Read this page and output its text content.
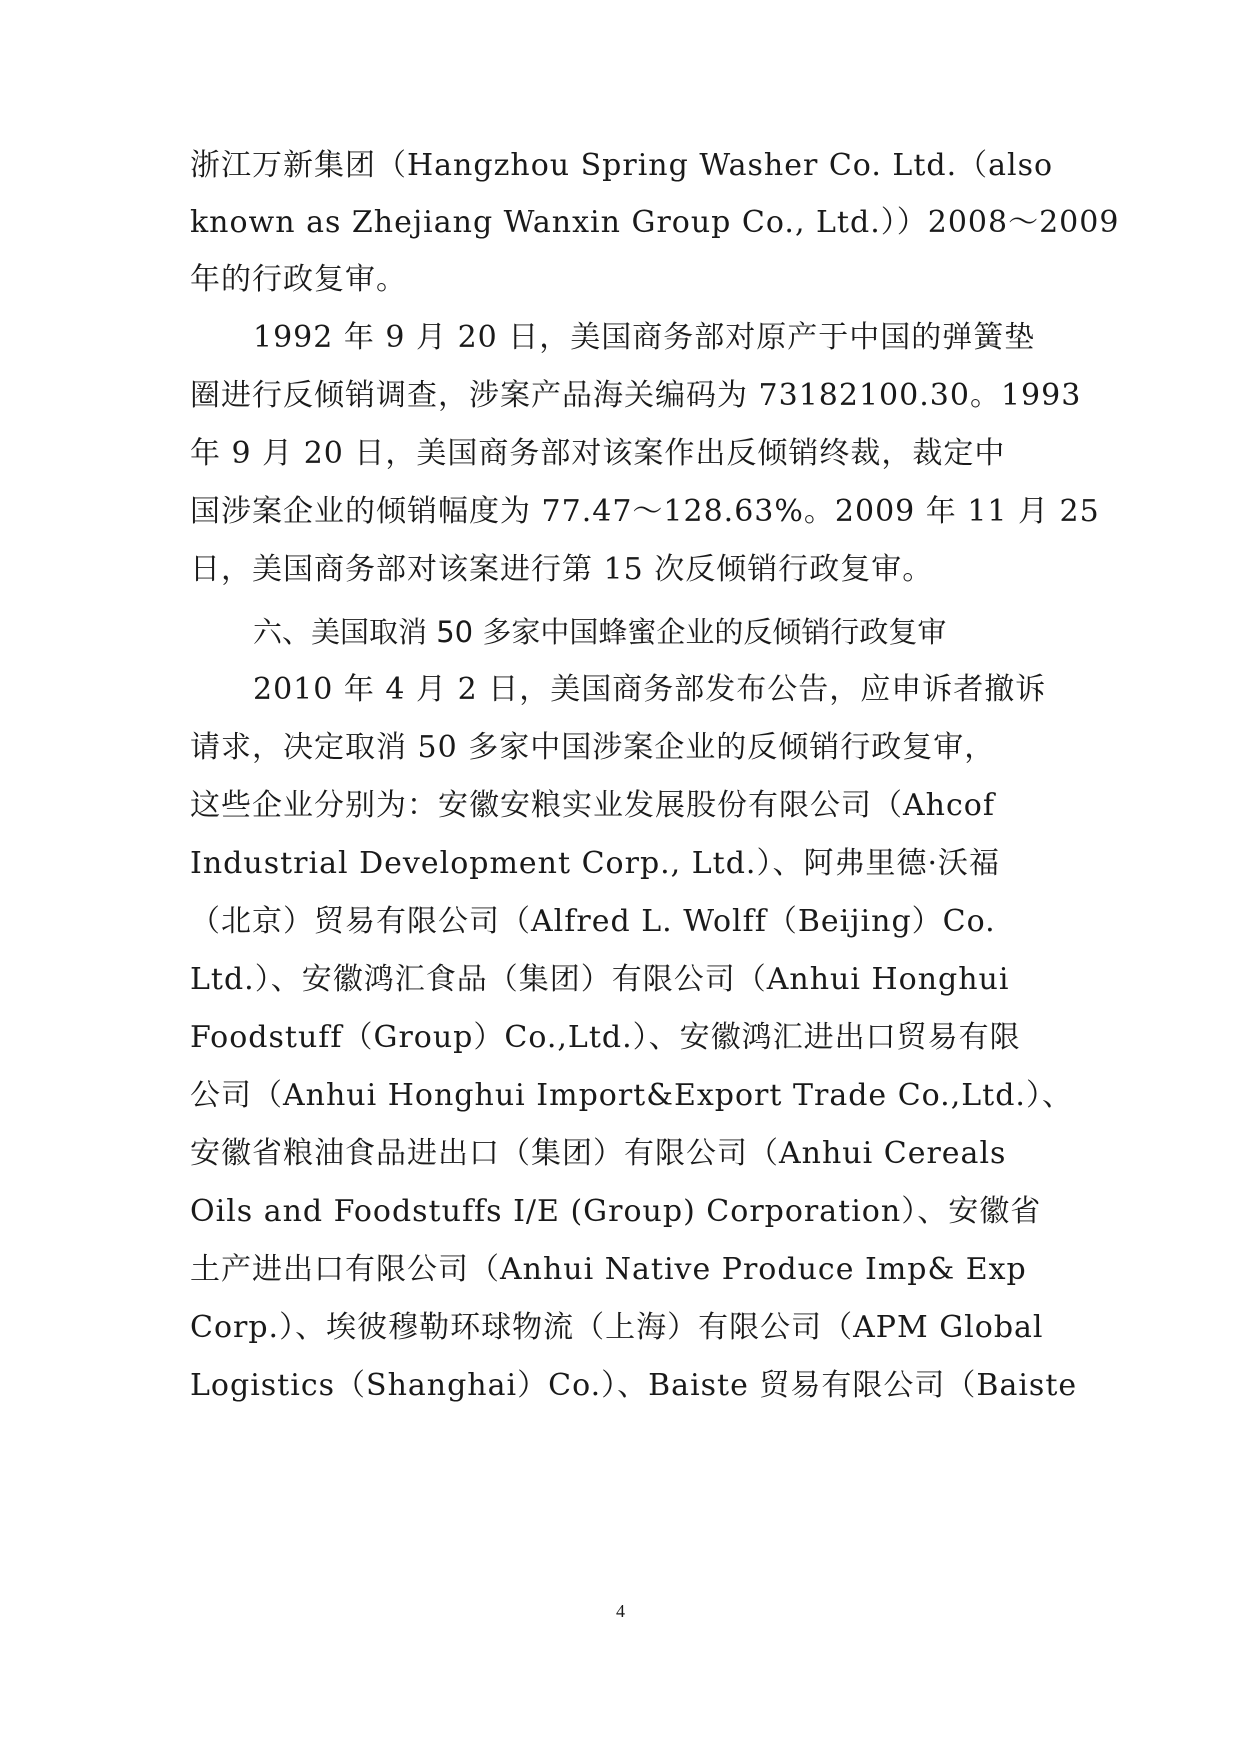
浙江万新集团（Hangzhou Spring Washer Co. Ltd.（also
known as Zhejiang Wanxin Group Co., Ltd.））2008～2009
年的行政复审。
1992 年 9 月 20 日，美国商务部对原产于中国的弹簧垫
圈进行反倾销调查，涉案产品海关编码为 73182100.30。1993
年 9 月 20 日，美国商务部对该案作出反倾销终裁，裁定中
国涉案企业的倾销幅度为 77.47～128.63%。2009 年 11 月 25
日，美国商务部对该案进行第 15 次反倾销行政复审。
六、美国取消 50 多家中国蜂蜜企业的反倾销行政复审
2010 年 4 月 2 日，美国商务部发布公告，应申诉者撤诉
请求，决定取消 50 多家中国涉案企业的反倾销行政复审，
这些企业分别为：安徽安粮实业发展股份有限公司（Ahcof
Industrial Development Corp., Ltd.）、阿弗里德·沃福
（北京）贸易有限公司（Alfred L. Wolff（Beijing）Co.
Ltd.）、安徽鸿汇食品（集团）有限公司（Anhui Honghui
Foodstuff（Group）Co.,Ltd.）、安徽鸿汇进出口贸易有限
公司（Anhui Honghui Import&Export Trade Co.,Ltd.）、
安徽省粮油食品进出口（集团）有限公司（Anhui Cereals
Oils and Foodstuffs I/E (Group) Corporation）、安徽省
土产进出口有限公司（Anhui Native Produce Imp& Exp
Corp.）、埃彼穆勒环球物流（上海）有限公司（APM Global
Logistics（Shanghai）Co.）、Baiste 贸易有限公司（Baiste
4
